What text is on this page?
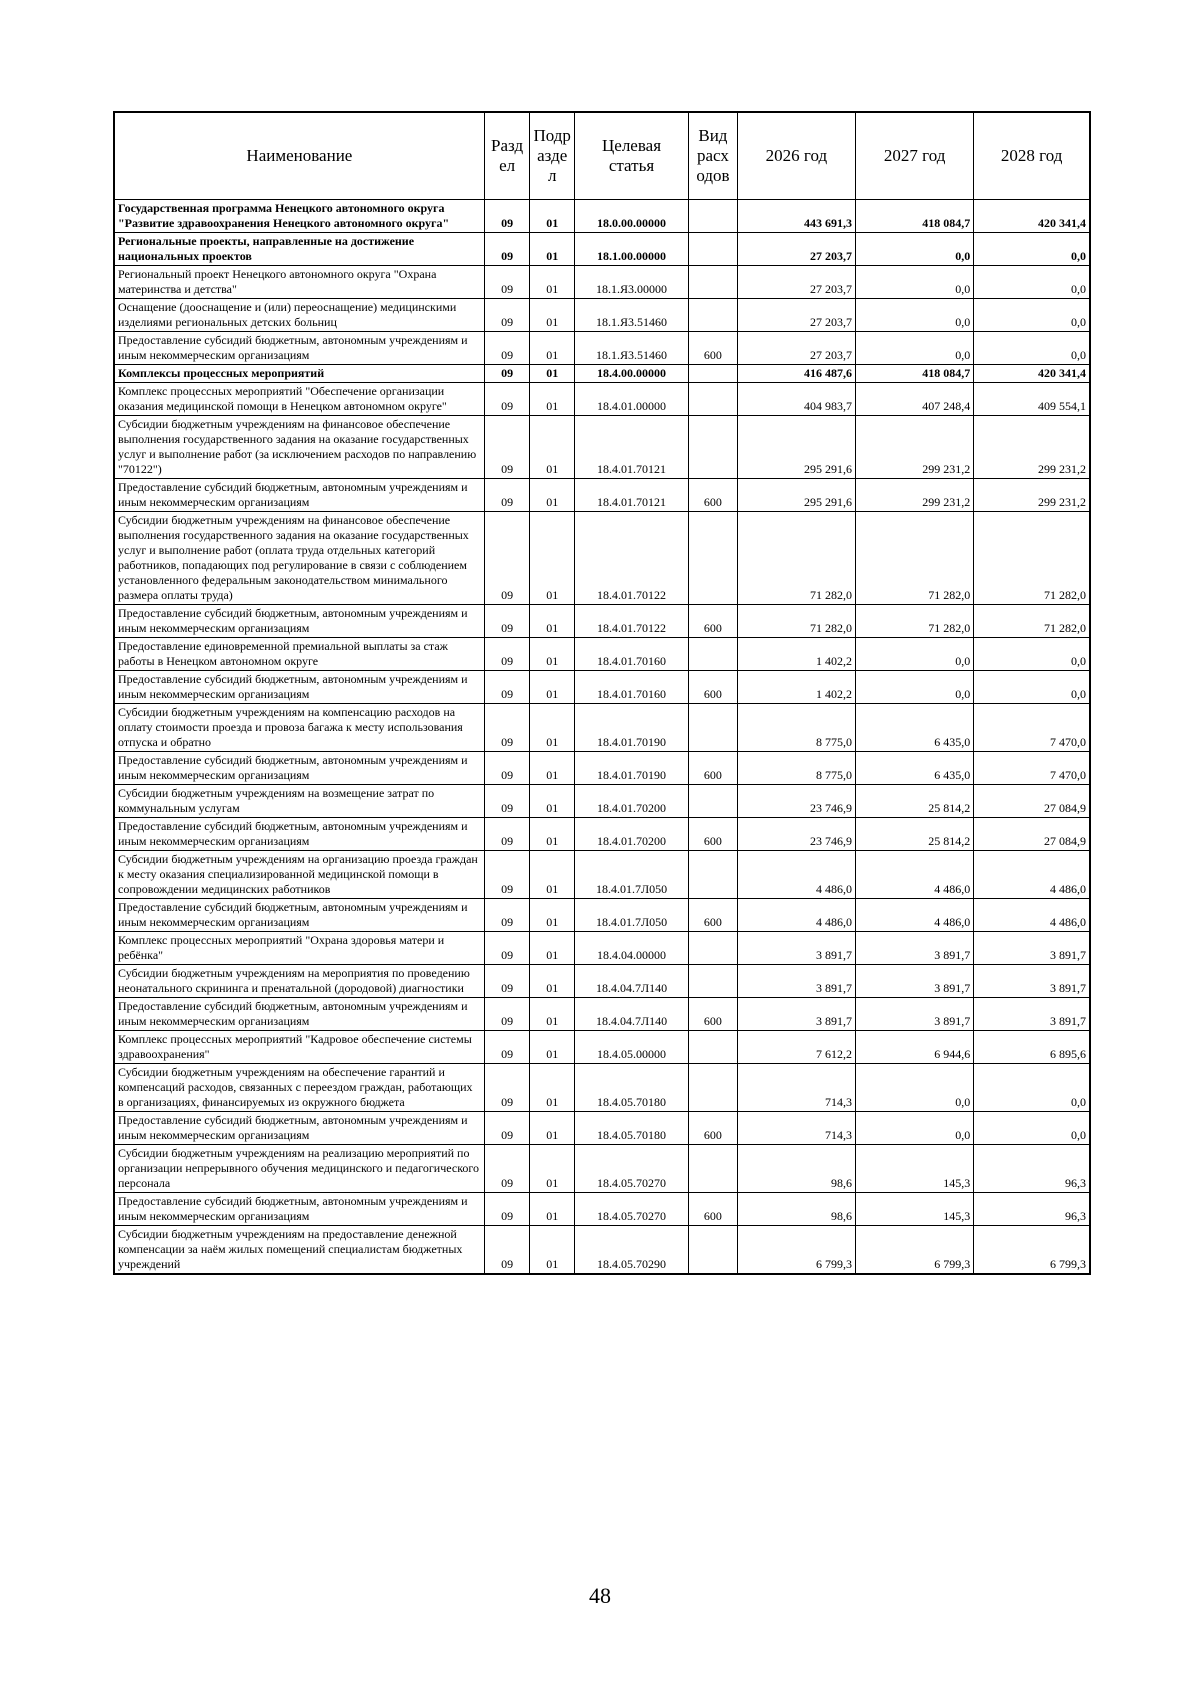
Наименование	Разд ел	Подр азде л	Целевая статья	Вид расх одов	2026 год	2027 год	2028 год
Государственная программа Ненецкого автономного округа "Развитие здравоохранения Ненецкого автономного округа"	09	01	18.0.00.00000		443 691,3	418 084,7	420 341,4
Региональные проекты, направленные на достижение национальных проектов	09	01	18.1.00.00000		27 203,7	0,0	0,0
Региональный проект Ненецкого автономного округа "Охрана материнства и детства"	09	01	18.1.Я3.00000		27 203,7	0,0	0,0
Оснащение (дооснащение и (или) переоснащение) медицинскими изделиями региональных детских больниц	09	01	18.1.Я3.51460		27 203,7	0,0	0,0
Предоставление субсидий бюджетным, автономным учреждениям и иным некоммерческим организациям	09	01	18.1.Я3.51460	600	27 203,7	0,0	0,0
Комплексы процессных мероприятий	09	01	18.4.00.00000		416 487,6	418 084,7	420 341,4
Комплекс процессных мероприятий "Обеспечение организации оказания медицинской помощи в Ненецком автономном округе"	09	01	18.4.01.00000		404 983,7	407 248,4	409 554,1
Субсидии бюджетным учреждениям на финансовое обеспечение выполнения государственного задания на оказание государственных услуг и выполнение работ (за исключением расходов по направлению "70122")	09	01	18.4.01.70121		295 291,6	299 231,2	299 231,2
Предоставление субсидий бюджетным, автономным учреждениям и иным некоммерческим организациям	09	01	18.4.01.70121	600	295 291,6	299 231,2	299 231,2
Субсидии бюджетным учреждениям на финансовое обеспечение выполнения государственного задания на оказание государственных услуг и выполнение работ (оплата труда отдельных категорий работников, попадающих под регулирование в связи с соблюдением установленного федеральным законодательством минимального размера оплаты труда)	09	01	18.4.01.70122		71 282,0	71 282,0	71 282,0
Предоставление субсидий бюджетным, автономным учреждениям и иным некоммерческим организациям	09	01	18.4.01.70122	600	71 282,0	71 282,0	71 282,0
Предоставление единовременной премиальной выплаты за стаж работы в Ненецком автономном округе	09	01	18.4.01.70160		1 402,2	0,0	0,0
Предоставление субсидий бюджетным, автономным учреждениям и иным некоммерческим организациям	09	01	18.4.01.70160	600	1 402,2	0,0	0,0
Субсидии бюджетным учреждениям на компенсацию расходов на оплату стоимости проезда и провоза багажа к месту использования отпуска и обратно	09	01	18.4.01.70190		8 775,0	6 435,0	7 470,0
Предоставление субсидий бюджетным, автономным учреждениям и иным некоммерческим организациям	09	01	18.4.01.70190	600	8 775,0	6 435,0	7 470,0
Субсидии бюджетным учреждениям на возмещение затрат по коммунальным услугам	09	01	18.4.01.70200		23 746,9	25 814,2	27 084,9
Предоставление субсидий бюджетным, автономным учреждениям и иным некоммерческим организациям	09	01	18.4.01.70200	600	23 746,9	25 814,2	27 084,9
Субсидии бюджетным учреждениям на организацию проезда граждан к месту оказания специализированной медицинской помощи в сопровождении медицинских работников	09	01	18.4.01.7Л050		4 486,0	4 486,0	4 486,0
Предоставление субсидий бюджетным, автономным учреждениям и иным некоммерческим организациям	09	01	18.4.01.7Л050	600	4 486,0	4 486,0	4 486,0
Комплекс процессных мероприятий "Охрана здоровья матери и ребёнка"	09	01	18.4.04.00000		3 891,7	3 891,7	3 891,7
Субсидии бюджетным учреждениям на мероприятия по проведению неонатального скрининга и пренатальной (дородовой) диагностики	09	01	18.4.04.7Л140		3 891,7	3 891,7	3 891,7
Предоставление субсидий бюджетным, автономным учреждениям и иным некоммерческим организациям	09	01	18.4.04.7Л140	600	3 891,7	3 891,7	3 891,7
Комплекс процессных мероприятий "Кадровое обеспечение системы здравоохранения"	09	01	18.4.05.00000		7 612,2	6 944,6	6 895,6
Субсидии бюджетным учреждениям на обеспечение гарантий и компенсаций расходов, связанных с переездом граждан, работающих в организациях, финансируемых из окружного бюджета	09	01	18.4.05.70180		714,3	0,0	0,0
Предоставление субсидий бюджетным, автономным учреждениям и иным некоммерческим организациям	09	01	18.4.05.70180	600	714,3	0,0	0,0
Субсидии бюджетным учреждениям на реализацию мероприятий по организации непрерывного обучения медицинского и педагогического персонала	09	01	18.4.05.70270		98,6	145,3	96,3
Предоставление субсидий бюджетным, автономным учреждениям и иным некоммерческим организациям	09	01	18.4.05.70270	600	98,6	145,3	96,3
Субсидии бюджетным учреждениям на предоставление денежной компенсации за наём жилых помещений специалистам бюджетных учреждений	09	01	18.4.05.70290		6 799,3	6 799,3	6 799,3
48
